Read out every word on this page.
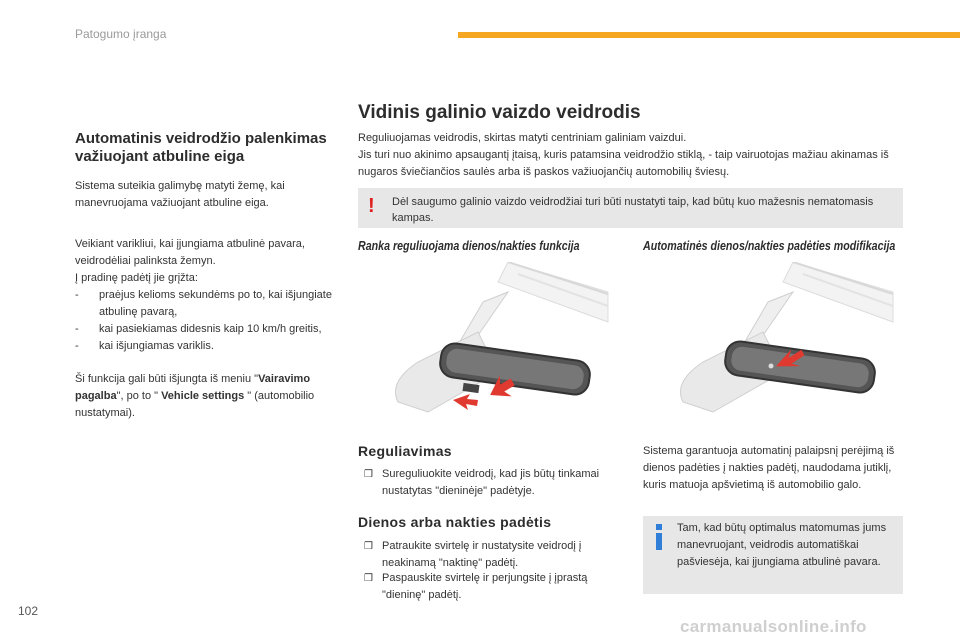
Patogumo įranga
Vidinis galinio vaizdo veidrodis
Automatinis veidrodžio palenkimas važiuojant atbuline eiga

Sistema suteikia galimybę matyti žemę, kai manevruojama važiuojant atbuline eiga.

Veikiant varikliui, kai įjungiama atbulinė pavara, veidrodėliai palinksta žemyn.
Į pradinę padėtį jie grįžta:

- praėjus kelioms sekundėms po to, kai išjungiate atbulinę pavarą,
- kai pasiekiamas didesnis kaip 10 km/h greitis,
- kai išjungiamas variklis.

Ši funkcija gali būti išjungta iš meniu "Vairavimo pagalba", po to " Vehicle settings " (automobilio nustatymai).

Reguliuojamas veidrodis, skirtas matyti centriniam galiniam vaizdui.
Jis turi nuo akinimo apsaugantį įtaisą, kuris patamsina veidrodžio stiklą, - taip vairuotojas mažiau akinamas iš nugaros šviečiančios saulės arba iš paskos važiuojančių automobilių šviesų.
! Dėl saugumo galinio vaizdo veidrodžiai turi būti nustatyti taip, kad būtų kuo mažesnis nematomasis kampas.
Ranka reguliuojama dienos/nakties funkcija	Automatinės dienos/nakties padėties modifikacija
Reguliavimas
❒ Sureguliuokite veidrodį, kad jis būtų tinkamai nustatytas "dieninėje" padėtyje.
Dienos arba nakties padėtis
❒ Patraukite svirtelę ir nustatysite veidrodį į neakinamą "naktinę" padėtį.
❒ Paspauskite svirtelę ir perjungsite į įprastą "dieninę" padėtį.
Sistema garantuoja automatinį palaipsnį perėjimą iš dienos padėties į nakties padėtį, naudodama jutiklį, kuris matuoja apšvietimą iš automobilio galo.
Tam, kad būtų optimalus matomumas jums manevruojant, veidrodis automatiškai pašviesėja, kai įjungiama atbulinė pavara.
102
carmanualsonline.info
